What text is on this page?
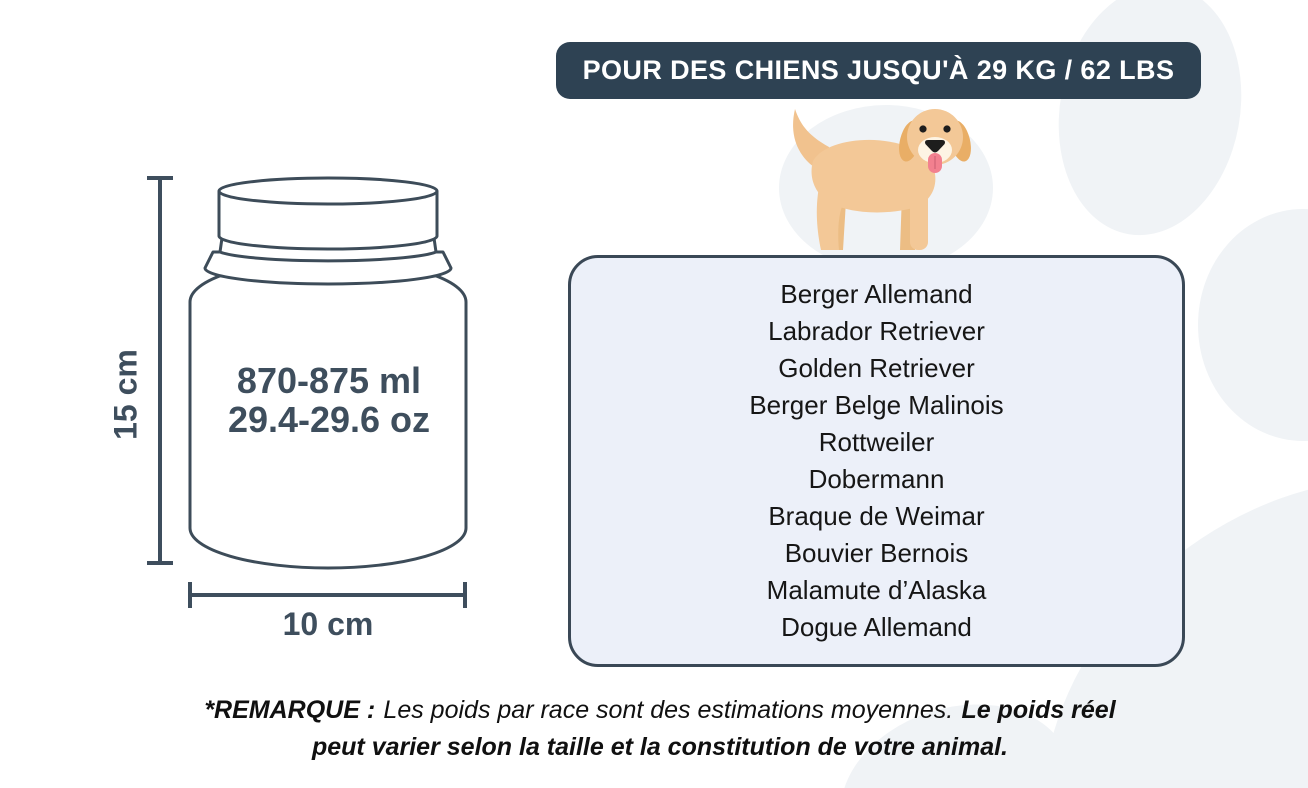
POUR DES CHIENS JUSQU'À 29 KG / 62 LBS
Berger Allemand
Labrador Retriever
Golden Retriever
Berger Belge Malinois
Rottweiler
Dobermann
Braque de Weimar
Bouvier Bernois
Malamute d’Alaska
Dogue Allemand
870-875 ml
29.4-29.6 oz
15 cm
10 cm
*REMARQUE : Les poids par race sont des estimations moyennes. Le poids réel peut varier selon la taille et la constitution de votre animal.
